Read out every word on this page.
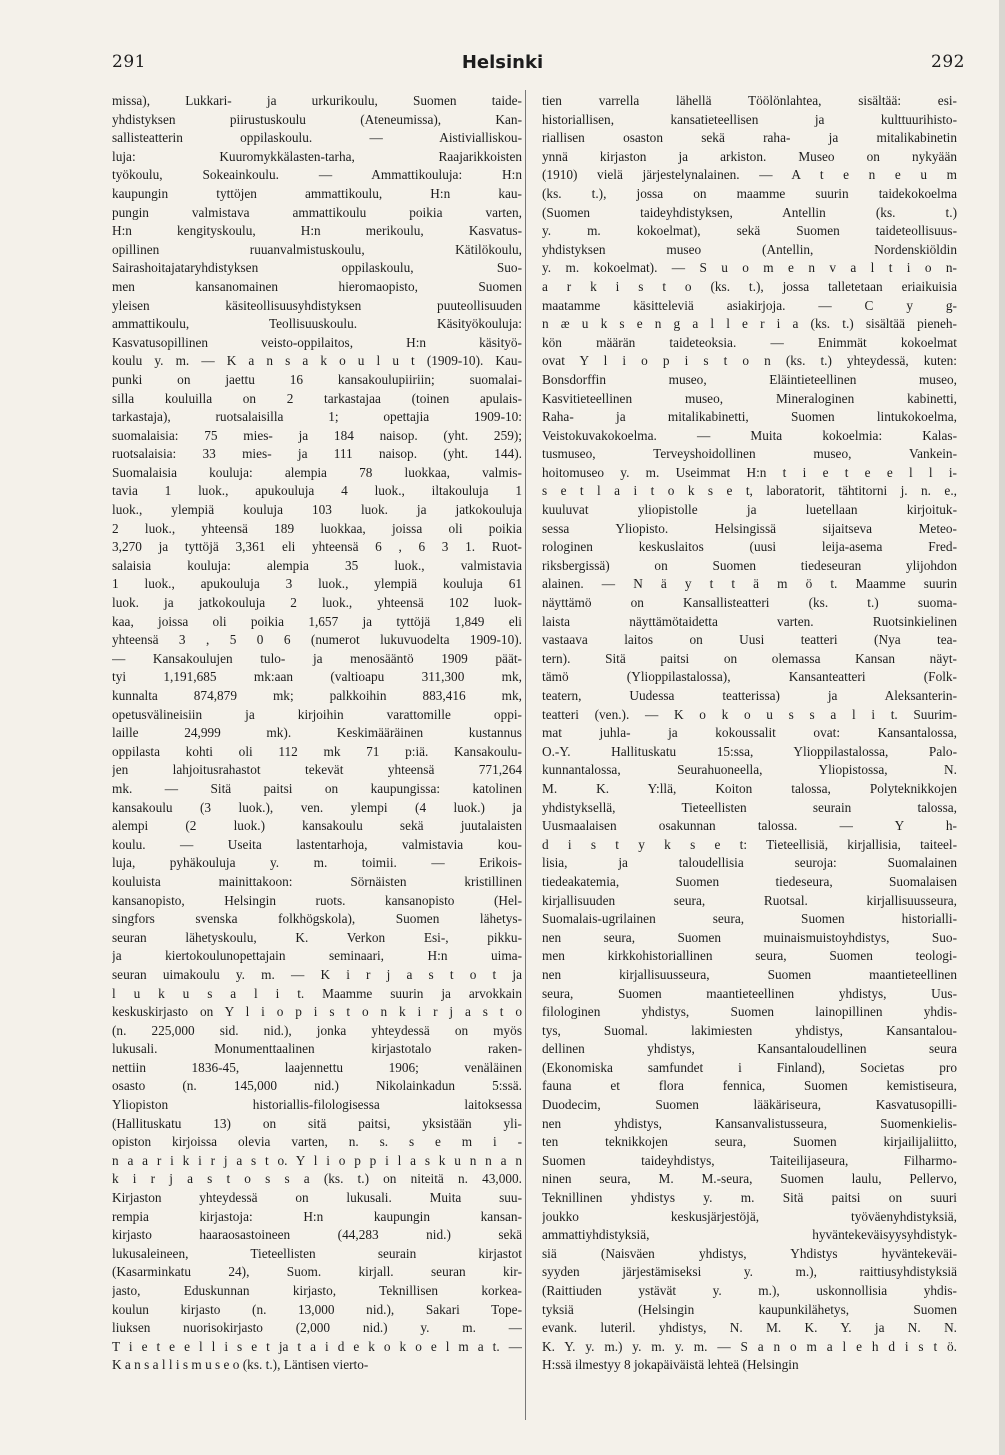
291	Helsinki	292
missa), Lukkari- ja urkurikoulu, Suomen taide-
yhdistyksen piirustuskoulu (Ateneumissa), Kan-
sallisteatterin oppilaskoulu. — Aistivialliskou-
luja: Kuuromykkälasten-tarha, Raajarikkoisten
työkoulu, Sokeainkoulu. — Ammattikouluja: H:n
kaupungin tyttöjen ammattikoulu, H:n kau-
pungin valmistava ammattikoulu poikia varten,
H:n kengityskoulu, H:n merikoulu, Kasvatus-
opillinen ruuanvalmistuskoulu, Kätilökoulu,
Sairashoitajataryhdistyksen oppilaskoulu, Suo-
men kansanomainen hieromaopisto, Suomen
yleisen käsiteollisuusyhdistyksen puuteollisuuden
ammattikoulu, Teollisuuskoulu. Käsityökouluja:
Kasvatusopillinen veisto-oppilaitos, H:n käsityö-
koulu y. m. — K a n s a k o u l u t (1909-10). Kau-
punki on jaettu 16 kansakoulupiiriin; suomalai-
silla kouluilla on 2 tarkastajaa (toinen apulais-
tarkastaja), ruotsalaisilla 1; opettajia 1909-10:
suomalaisia: 75 mies- ja 184 naisop. (yht. 259);
ruotsalaisia: 33 mies- ja 111 naisop. (yht. 144).
Suomalaisia kouluja: alempia 78 luokkaa, valmis-
tavia 1 luok., apukouluja 4 luok., iltakouluja 1
luok., ylempiä kouluja 103 luok. ja jatkokouluja
2 luok., yhteensä 189 luokkaa, joissa oli poikia
3,270 ja tyttöjä 3,361 eli yhteensä 6 , 6 3 1. Ruot-
salaisia kouluja: alempia 35 luok., valmistavia
1 luok., apukouluja 3 luok., ylempiä kouluja 61
luok. ja jatkokouluja 2 luok., yhteensä 102 luok-
kaa, joissa oli poikia 1,657 ja tyttöjä 1,849 eli
yhteensä 3 , 5 0 6 (numerot lukuvuodelta 1909-10).
— Kansakoulujen tulo- ja menosääntö 1909 päät-
tyi 1,191,685 mk:aan (valtioapu 311,300 mk,
kunnalta 874,879 mk; palkkoihin 883,416 mk,
opetusvälineisiin ja kirjoihin varattomille oppi-
laille 24,999 mk). Keskimääräinen kustannus
oppilasta kohti oli 112 mk 71 p:iä. Kansakoulu-
jen lahjoitusrahastot tekevät yhteensä 771,264
mk. — Sitä paitsi on kaupungissa: katolinen
kansakoulu (3 luok.), ven. ylempi (4 luok.) ja
alempi (2 luok.) kansakoulu sekä juutalaisten
koulu. — Useita lastentarhoja, valmistavia kou-
luja, pyhäkouluja y. m. toimii. — Erikois-
kouluista mainittakoon: Sörnäisten kristillinen
kansanopisto, Helsingin ruots. kansanopisto (Hel-
singfors svenska folkhögskola), Suomen lähetys-
seuran lähetyskoulu, K. Verkon Esi-, pikku-
ja kiertokoulunopettajain seminaari, H:n uima-
seuran uimakoulu y. m. — K i r j a s t o t ja
l u k u s a l i t. Maamme suurin ja arvokkain
keskuskirjasto on Y l i o p i s t o n k i r j a s t o
(n. 225,000 sid. nid.), jonka yhteydessä on myös
lukusali. Monumenttaalinen kirjastotalo raken-
nettiin 1836-45, laajennettu 1906; venäläinen
osasto (n. 145,000 nid.) Nikolainkadun 5:ssä.
Yliopiston historiallis-filologisessa laitoksessa
(Hallituskatu 13) on sitä paitsi, yksistään yli-
opiston kirjoissa olevia varten, n. s. s e m i -
n a a r i k i r j a s t o. Y l i o p p i l a s k u n n a n
k i r j a s t o s s a (ks. t.) on niteitä n. 43,000.
Kirjaston yhteydessä on lukusali. Muita suu-
rempia kirjastoja: H:n kaupungin kansan-
kirjasto haaraosastoineen (44,283 nid.) sekä
lukusaleineen, Tieteellisten seurain kirjastot
(Kasarminkatu 24), Suom. kirjall. seuran kir-
jasto, Eduskunnan kirjasto, Teknillisen korkea-
koulun kirjasto (n. 13,000 nid.), Sakari Tope-
liuksen nuorisokirjasto (2,000 nid.) y. m. —
T i e t e e l l i s e t ja t a i d e k o k o e l m a t. —
K a n s a l l i s m u s e o (ks. t.), Läntisen vierto-
tien varrella lähellä Töölönlahtea, sisältää: esi-
historiallisen, kansatieteellisen ja kulttuurihisto-
riallisen osaston sekä raha- ja mitalikabinetin
ynnä kirjaston ja arkiston. Museo on nykyään
(1910) vielä järjestelynalainen. — A t e n e u m
(ks. t.), jossa on maamme suurin taidekokoelma
(Suomen taideyhdistyksen, Antellin (ks. t.)
y. m. kokoelmat), sekä Suomen taideteollisuus-
yhdistyksen museo (Antellin, Nordenskiöldin
y. m. kokoelmat). — S u o m e n v a l t i o n-
a r k i s t o (ks. t.), jossa talletetaan eriaikuisia
maatamme käsitteleviä asiakirjoja. — C y g-
n æ u k s e n g a l l e r i a (ks. t.) sisältää pieneh-
kön määrän taideteoksia. — Enimmät kokoelmat
ovat Y l i o p i s t o n (ks. t.) yhteydessä, kuten:
Bonsdorffin museo, Eläintieteellinen museo,
Kasvitieteellinen museo, Mineraloginen kabinetti,
Raha- ja mitalikabinetti, Suomen lintukokoelma,
Veistokuvakokoelma. — Muita kokoelmia: Kalas-
tusmuseo, Terveyshoidollinen museo, Vankein-
hoitomuseo y. m. Useimmat H:n t i e t e e l l i-
s e t l a i t o k s e t, laboratorit, tähtitorni j. n. e.,
kuuluvat yliopistolle ja luetellaan kirjoituk-
sessa Yliopisto. Helsingissä sijaitseva Meteo-
rologinen keskuslaitos (uusi leija-asema Fred-
riksbergissä) on Suomen tiedeseuran ylijohdon
alainen. — N ä y t t ä m ö t. Maamme suurin
näyttämö on Kansallisteatteri (ks. t.) suoma-
laista näyttämötaidetta varten. Ruotsinkielinen
vastaava laitos on Uusi teatteri (Nya tea-
tern). Sitä paitsi on olemassa Kansan näyt-
tämö (Ylioppilastalossa), Kansanteatteri (Folk-
teatern, Uudessa teatterissa) ja Aleksanterin-
teatteri (ven.). — K o k o u s s a l i t. Suurim-
mat juhla- ja kokoussalit ovat: Kansantalossa,
O.-Y. Hallituskatu 15:ssa, Ylioppilastalossa, Palo-
kunnantalossa, Seurahuoneella, Yliopistossa, N.
M. K. Y:llä, Koiton talossa, Polyteknikkojen
yhdistyksellä, Tieteellisten seurain talossa,
Uusmaalaisen osakunnan talossa. — Y h-
d i s t y k s e t: Tieteellisiä, kirjallisia, taiteel-
lisia, ja taloudellisia seuroja: Suomalainen
tiedeakatemia, Suomen tiedeseura, Suomalaisen
kirjallisuuden seura, Ruotsal. kirjallisuusseura,
Suomalais-ugrilainen seura, Suomen historialli-
nen seura, Suomen muinaismuistoyhdistys, Suo-
men kirkkohistoriallinen seura, Suomen teologi-
nen kirjallisuusseura, Suomen maantieteellinen
seura, Suomen maantieteellinen yhdistys, Uus-
filologinen yhdistys, Suomen lainopillinen yhdis-
tys, Suomal. lakimiesten yhdistys, Kansantalou-
dellinen yhdistys, Kansantaloudellinen seura
(Ekonomiska samfundet i Finland), Societas pro
fauna et flora fennica, Suomen kemistiseura,
Duodecim, Suomen lääkäriseura, Kasvatusopilli-
nen yhdistys, Kansanvalistusseura, Suomenkielis-
ten teknikkojen seura, Suomen kirjailijaliitto,
Suomen taideyhdistys, Taiteilijaseura, Filharmo-
ninen seura, M. M.-seura, Suomen laulu, Pellervo,
Teknillinen yhdistys y. m. Sitä paitsi on suuri
joukko keskusjärjestöjä, työväenyhdistyksiä,
ammattiyhdistyksiä, hyväntekeväisyysyhdistyk-
siä (Naisväen yhdistys, Yhdistys hyväntekeväi-
syyden järjestämiseksi y. m.), raittiusyhdistyksiä
(Raittiuden ystävät y. m.), uskonnollisia yhdis-
tyksiä (Helsingin kaupunkilähetys, Suomen
evank. luteril. yhdistys, N. M. K. Y. ja N. N.
K. Y. y. m.) y. m. y. m. — S a n o m a l e h d i s t ö.
H:ssä ilmestyy 8 jokapäiväistä lehteä (Helsingin
